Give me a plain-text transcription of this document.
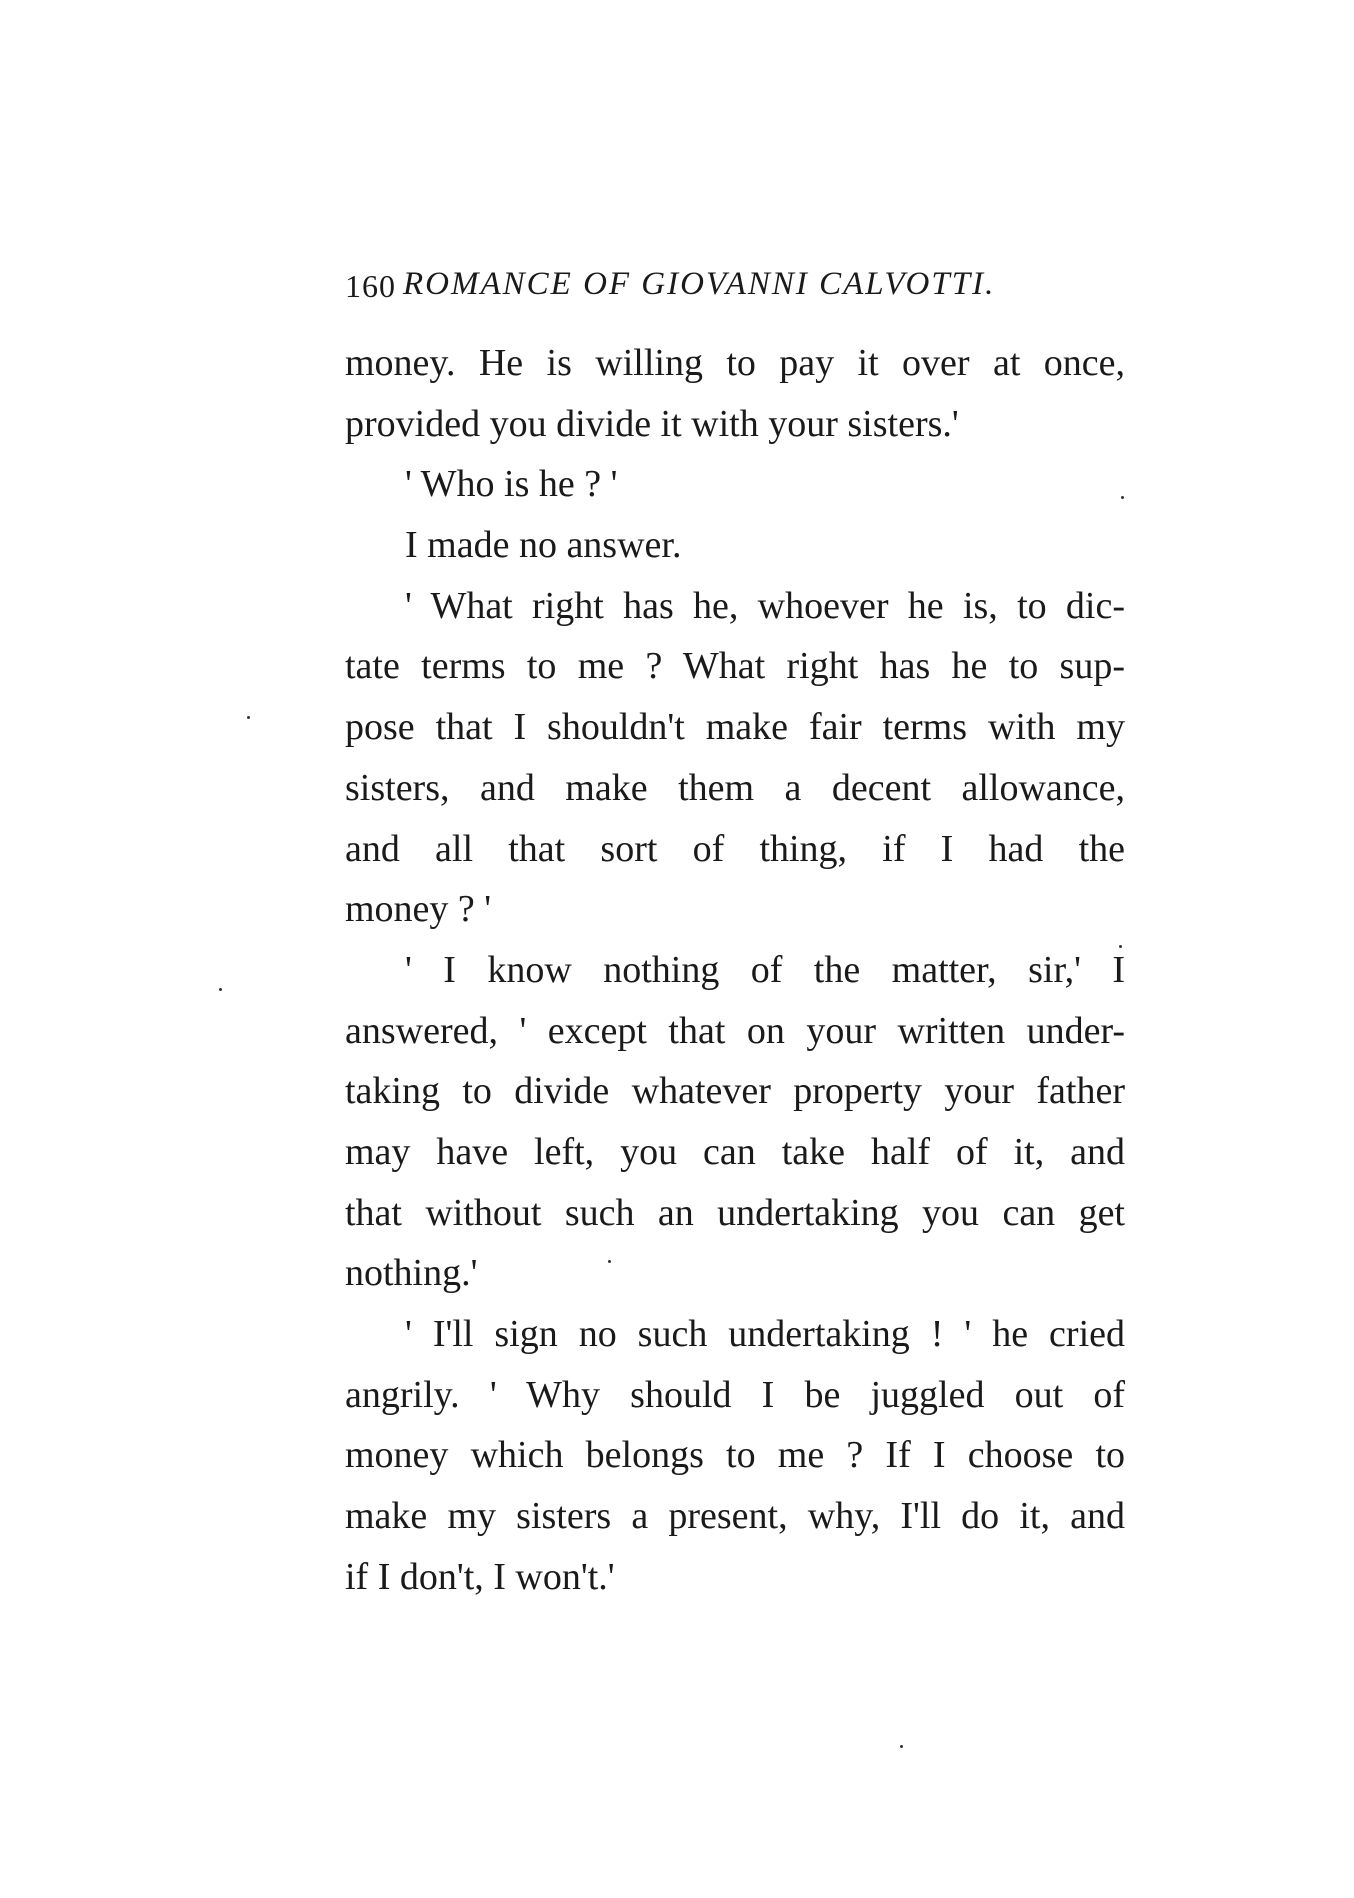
160 ROMANCE OF GIOVANNI CALVOTTI.
money. He is willing to pay it over at once,
provided you divide it with your sisters.'
' Who is he ? '
I made no answer.
' What right has he, whoever he is, to dic-
tate terms to me ? What right has he to sup-
pose that I shouldn't make fair terms with my
sisters, and make them a decent allowance,
and all that sort of thing, if I had the
money ? '
' I know nothing of the matter, sir,' I
answered, ' except that on your written under-
taking to divide whatever property your father
may have left, you can take half of it, and
that without such an undertaking you can get
nothing.'
' I'll sign no such undertaking ! ' he cried
angrily. ' Why should I be juggled out of
money which belongs to me ? If I choose to
make my sisters a present, why, I'll do it, and
if I don't, I won't.'
